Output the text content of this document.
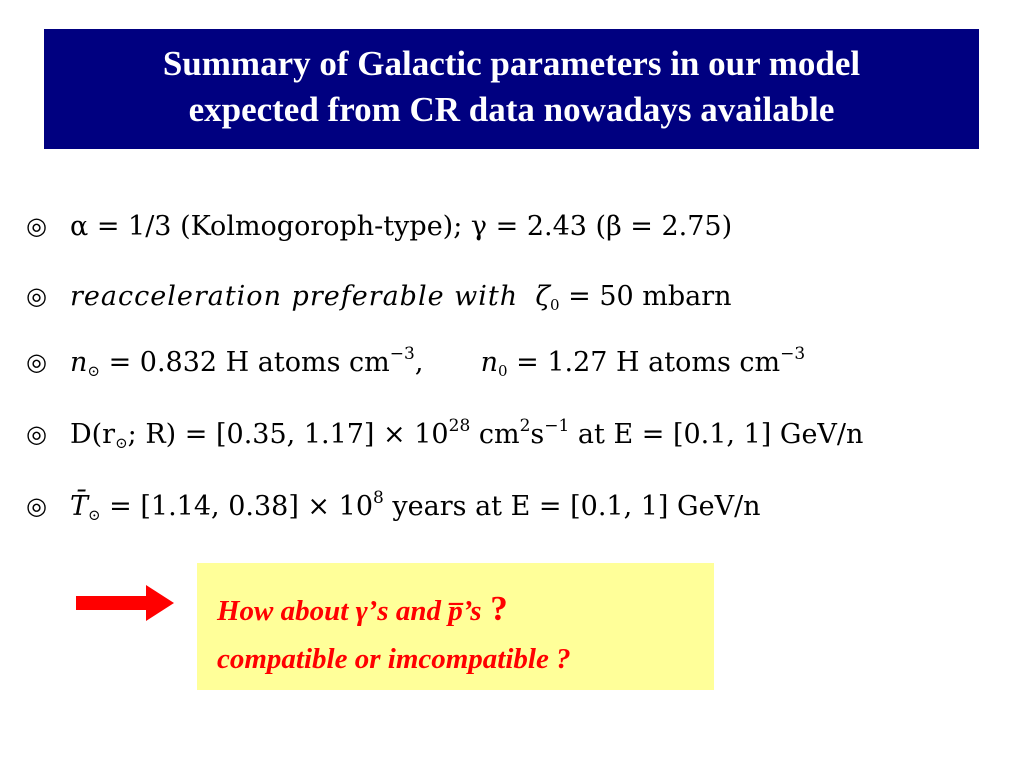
Summary of Galactic parameters in our model
expected from CR data nowadays available
◎ α = 1/3 (Kolmogoroph-type); γ = 2.43 (β = 2.75)
◎ reacceleration preferable with $\zeta_0 = 50$ mbarn
◎ $n_⊙ = 0.832$ H atoms $cm^{-3}$, $n_0 = 1.27$ H atoms $cm^{-3}$
◎ $D(r_⊙$; R) = [0.35, $1.17] \times 10^{28}$ $cm^2s^{-1}$ at E = [0.1, 1] GeV/n
◎ $T̄_⊙ = [1.14$, $0.38] \times 10^8$ years at E = [0.1, 1] GeV/n
How about γ’s and p̅’s ?
compatible or imcompatible ?
